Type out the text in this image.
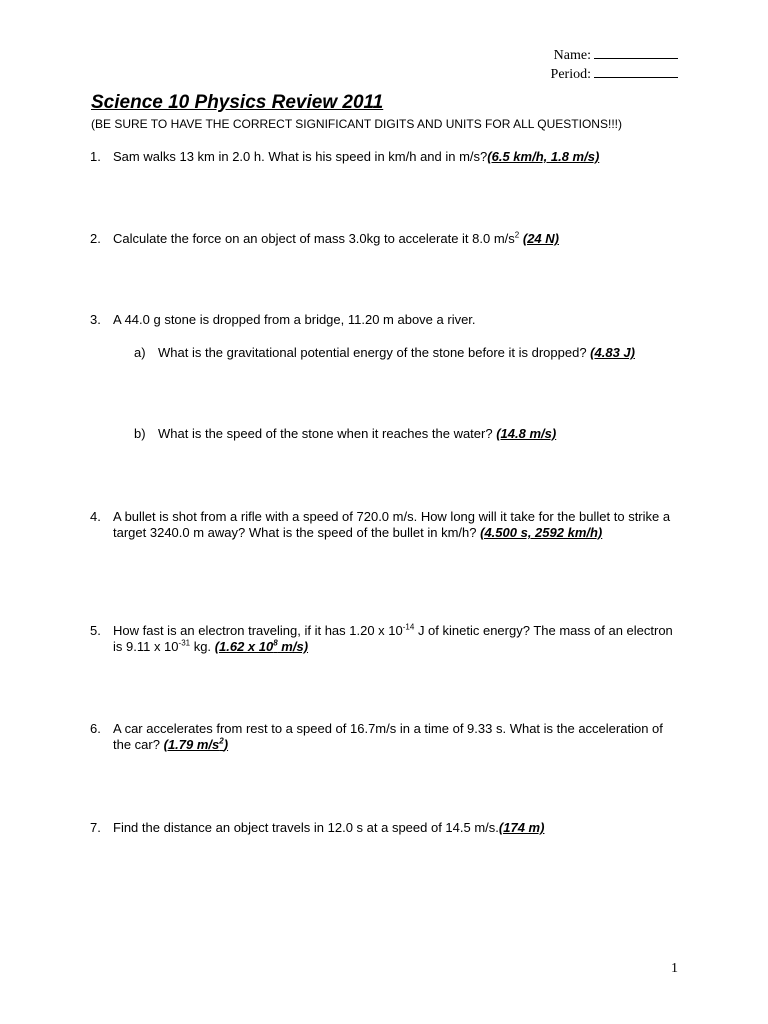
Name:
Period:
Science 10 Physics Review 2011
(BE SURE TO HAVE THE CORRECT SIGNIFICANT DIGITS AND UNITS FOR ALL QUESTIONS!!!)
1. Sam walks 13 km in 2.0 h. What is his speed in km/h and in m/s?(6.5 km/h, 1.8 m/s)
2. Calculate the force on an object of mass 3.0kg to accelerate it 8.0 $m/s^2$ (24 N)
3. A 44.0 g stone is dropped from a bridge, 11.20 m above a river.
a) What is the gravitational potential energy of the stone before it is dropped? (4.83 J)
b) What is the speed of the stone when it reaches the water? (14.8 m/s)
4. A bullet is shot from a rifle with a speed of 720.0 m/s. How long will it take for the bullet to strike a target 3240.0 m away? What is the speed of the bullet in km/h? (4.500 s, 2592 km/h)
5. How fast is an electron traveling, if it has 1.20 x $10^{-14}$ J of kinetic energy? The mass of an electron is 9.11 x $10^{-31}$ kg. (1.62 x $10^8$ m/s)
6. A car accelerates from rest to a speed of 16.7m/s in a time of 9.33 s. What is the acceleration of the car? (1.79 $m/s^2$)
7. Find the distance an object travels in 12.0 s at a speed of 14.5 m/s.(174 m)
1
